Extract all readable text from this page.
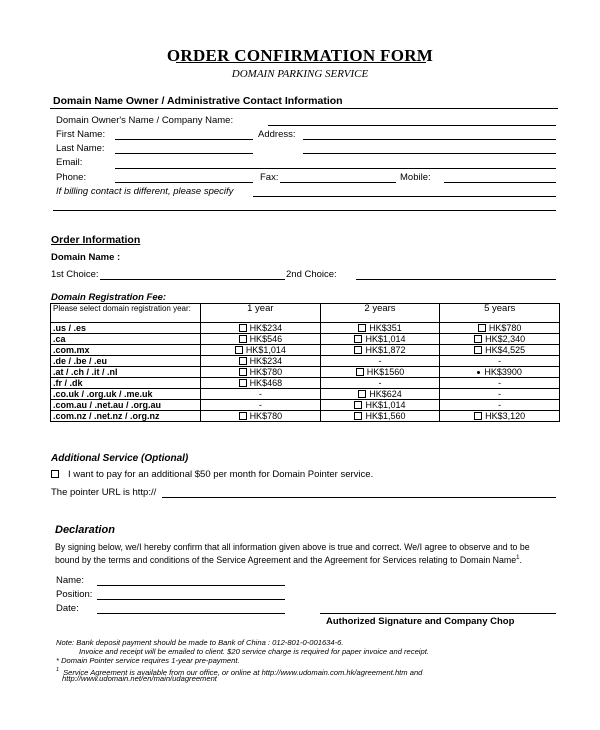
ORDER CONFIRMATION FORM
DOMAIN PARKING SERVICE
Domain Name Owner / Administrative Contact Information
Domain Owner's Name / Company Name:
First Name:	Address:
Last Name:
Email:
Phone:	Fax:	Mobile:
If billing contact is different, please specify
Order Information
Domain Name :
1st Choice:	2nd Choice:
Domain Registration Fee:
Please select domain registration year:	1 year	2 years	5 years
.us / .es	HK$234	HK$351	HK$780
.ca	HK$546	HK$1,014	HK$2,340
.com.mx	HK$1,014	HK$1,872	HK$4,525
.de / .be / .eu	HK$234	-	-
.at / .ch / .it / .nl	HK$780	HK$1560	HK$3900
.fr / .dk	HK$468	-	-
.co.uk / .org.uk / .me.uk	-	HK$624	-
.com.au / .net.au / .org.au	-	HK$1,014	-
.com.nz / .net.nz / .org.nz	HK$780	HK$1,560	HK$3,120
Additional Service (Optional)
I want to pay for an additional $50 per month for Domain Pointer service.
The pointer URL is http://
Declaration
By signing below, we/I hereby confirm that all information given above is true and correct. We/I agree to observe and to be
bound by the terms and conditions of the Service Agreement and the Agreement for Services relating to Domain Name$^1$.
Name:
Position:
Date:
Authorized Signature and Company Chop
Note: Bank deposit payment should be made to Bank of China : 012-801-0-001634-6.
Invoice and receipt will be emailed to client. $20 service charge is required for paper invoice and receipt.
* Domain Pointer service requires 1-year pre-payment.
$^1$ Service Agreement is available from our office, or online at http://www.udomain.com.hk/agreement.htm and
http://www.udomain.net/en/main/udagreement
